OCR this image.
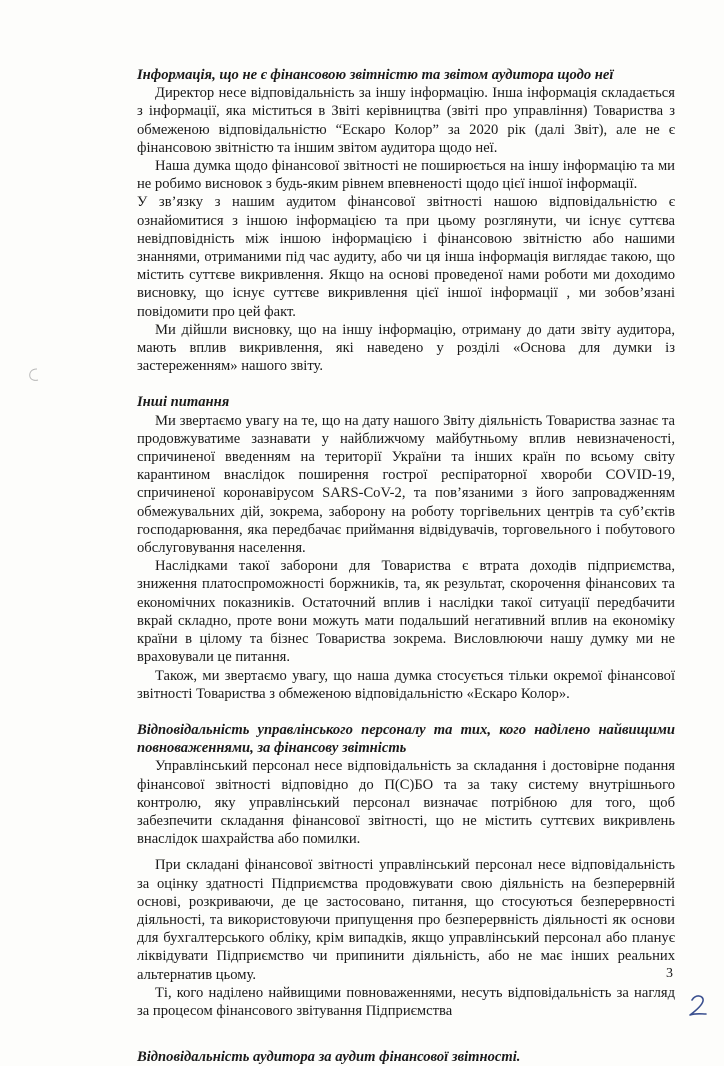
Інформація, що не є фінансовою звітністю та звітом аудитора щодо неї

Директор несе відповідальність за іншу інформацію. Інша інформація складається з інформації, яка міститься в Звіті керівництва (звіті про управління) Товариства з обмеженою відповідальністю “Ескаро Колор” за 2020 рік (далі Звіт), але не є фінансовою звітністю та іншим звітом аудитора щодо неї.

Наша думка щодо фінансової звітності не поширюється на іншу інформацію та ми не робимо висновок з будь-яким рівнем впевненості щодо цієї іншої інформації.

У зв’язку з нашим аудитом фінансової звітності нашою відповідальністю є ознайомитися з іншою інформацією та при цьому розглянути, чи існує суттєва невідповідність між іншою інформацією і фінансовою звітністю або нашими знаннями, отриманими під час аудиту, або чи ця інша інформація виглядає такою, що містить суттєве викривлення. Якщо на основі проведеної нами роботи ми доходимо висновку, що існує суттєве викривлення цієї іншої інформації , ми зобов’язані повідомити про цей факт.

Ми дійшли висновку, що на іншу інформацію, отриману до дати звіту аудитора, мають вплив викривлення, які наведено у розділі «Основа для думки із застереженням» нашого звіту.

Інші питання

Ми звертаємо увагу на те, що на дату нашого Звіту діяльність Товариства зазнає та продовжуватиме зазнавати у найближчому майбутньому вплив невизначеності, спричиненої введенням на території України та інших країн по всьому світу карантином внаслідок поширення гострої респіраторної хвороби COVID-19, спричиненої коронавірусом SARS-CoV-2, та пов’язаними з його запровадженням обмежувальних дій, зокрема, заборону на роботу торгівельних центрів та суб’єктів господарювання, яка передбачає приймання відвідувачів, торговельного і побутового обслуговування населення.

Наслідками такої заборони для Товариства є втрата доходів підприємства, зниження платоспроможності боржників, та, як результат, скорочення фінансових та економічних показників. Остаточний вплив і наслідки такої ситуації передбачити вкрай складно, проте вони можуть мати подальший негативний вплив на економіку країни в цілому та бізнес Товариства зокрема. Висловлюючи нашу думку ми не враховували це питання.

Також, ми звертаємо увагу, що наша думка стосується тільки окремої фінансової звітності Товариства з обмеженою відповідальністю «Ескаро Колор».

Відповідальність управлінського персоналу та тих, кого наділено найвищими повноваженнями, за фінансову звітність

Управлінський персонал несе відповідальність за складання і достовірне подання фінансової звітності відповідно до П(С)БО та за таку систему внутрішнього контролю, яку управлінський персонал визначає потрібною для того, щоб забезпечити складання фінансової звітності, що не містить суттєвих викривлень внаслідок шахрайства або помилки.

При складані фінансової звітності управлінський персонал несе відповідальність за оцінку здатності Підприємства продовжувати свою діяльність на безперервній основі, розкриваючи, де це застосовано, питання, що стосуються безперервності діяльності, та використовуючи припущення про безперервність діяльності як основи для бухгалтерського обліку, крім випадків, якщо управлінський персонал або планує ліквідувати Підприємство чи припинити діяльність, або не має інших реальних альтернатив цьому.

Ті, кого наділено найвищими повноваженнями, несуть відповідальність за нагляд за процесом фінансового звітування Підприємства

Відповідальність аудитора за аудит фінансової звітності.

3
